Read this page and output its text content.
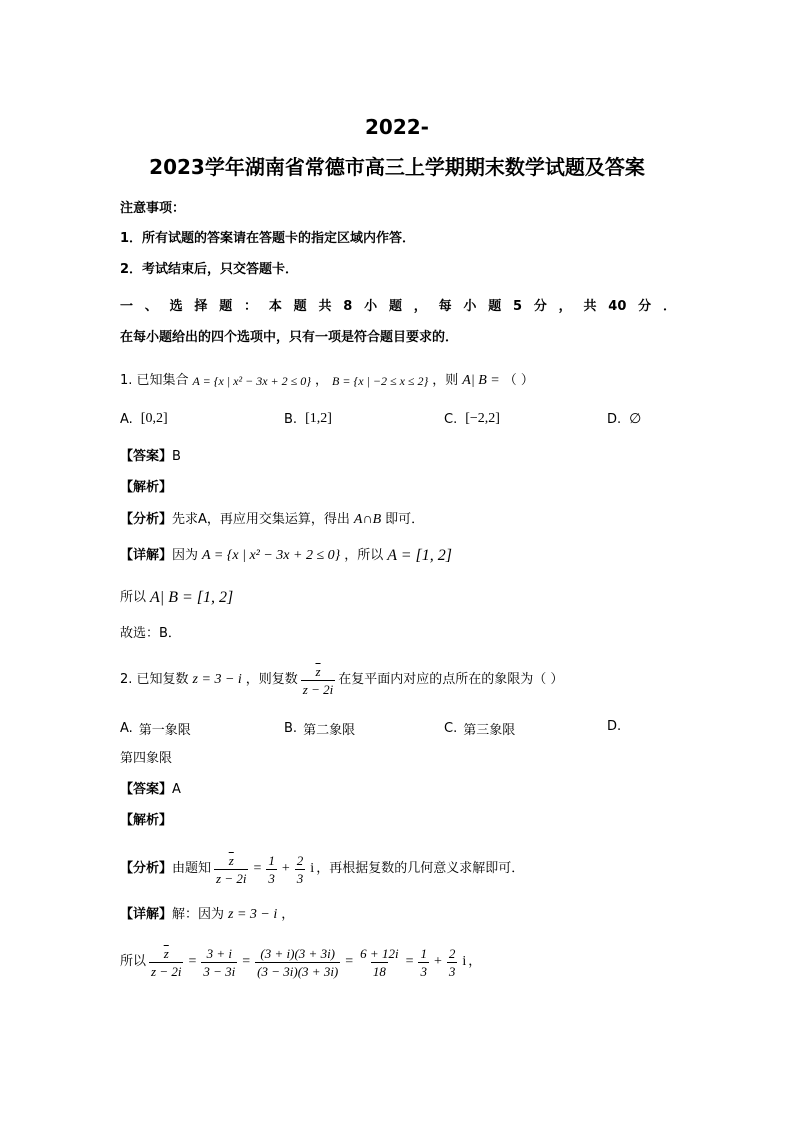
2022-
2023学年湖南省常德市高三上学期期末数学试题及答案
注意事项：
1．所有试题的答案请在答题卡的指定区域内作答．
2．考试结束后，只交答题卡．
一、选择题：本题共8小题，每小题5分，共40分．
在每小题给出的四个选项中，只有一项是符合题目要求的．
1. 已知集合 A = {x | x² − 3x + 2 ≤ 0} ， B = {x | −2 ≤ x ≤ 2} ，则 A| B = （ ）
A. [0,2]	B. [1,2]	C. [−2,2]	D. ∅
【答案】 B
【解析】
【分析】 先求A，再应用交集运算，得出 A∩B 即可．
【详解】 因为 A = {x | x² − 3x + 2 ≤ 0} ，所以 A = [1, 2]
所以 A| B = [1, 2]
故选：B．
2. 已知复数 z = 3 − i ，则复数 $\frac{\overline{z}}{z - 2i}$ 在复平面内对应的点所在的象限为（ ）
A. 第一象限	B. 第二象限	C. 第三象限	D.
第四象限
【答案】 A
【解析】
【分析】 由题知 $\frac{\overline{z}}{z - 2i} = \frac{1}{3} + \frac{2}{3}$ i ，再根据复数的几何意义求解即可．
【详解】 解：因为 z = 3 − i ，
所以 $\frac{\overline{z}}{z - 2i} = \frac{3 + i}{3 - 3i} = \frac{(3 + i)(3 + 3i)}{(3 - 3i)(3 + 3i)} = \frac{6 + 12i}{18} = \frac{1}{3} + \frac{2}{3}$ i ，
